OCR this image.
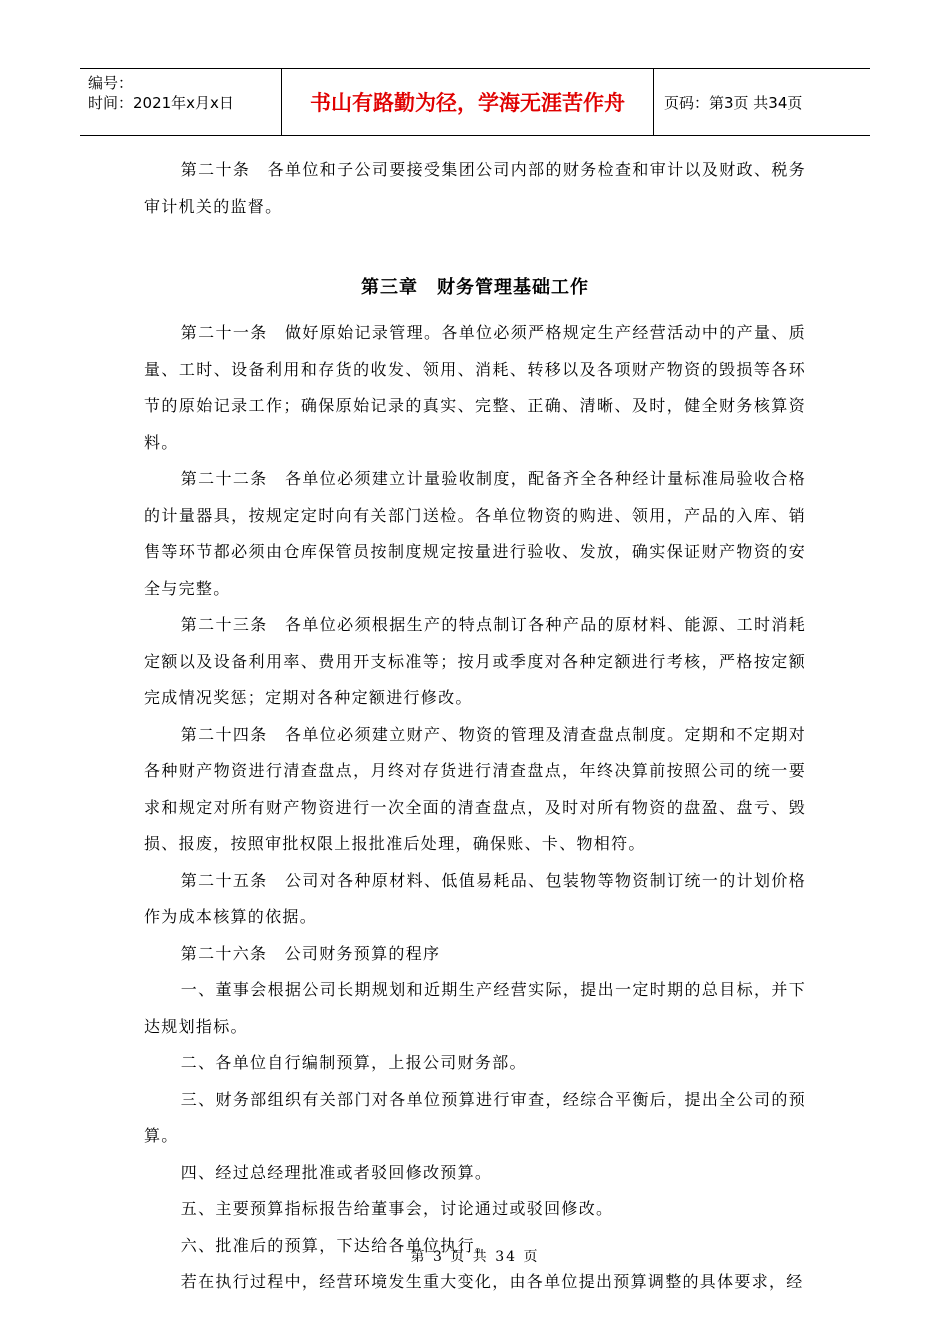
编号：
时间：2021年x月x日	书山有路勤为径，学海无涯苦作舟	页码：第3页 共34页

第二十条　各单位和子公司要接受集团公司内部的财务检查和审计以及财政、税务审计机关的监督。

第三章　财务管理基础工作

第二十一条　做好原始记录管理。各单位必须严格规定生产经营活动中的产量、质量、工时、设备利用和存货的收发、领用、消耗、转移以及各项财产物资的毁损等各环节的原始记录工作；确保原始记录的真实、完整、正确、清晰、及时，健全财务核算资料。

第二十二条　各单位必须建立计量验收制度，配备齐全各种经计量标准局验收合格的计量器具，按规定定时向有关部门送检。各单位物资的购进、领用，产品的入库、销售等环节都必须由仓库保管员按制度规定按量进行验收、发放，确实保证财产物资的安全与完整。

第二十三条　各单位必须根据生产的特点制订各种产品的原材料、能源、工时消耗定额以及设备利用率、费用开支标准等；按月或季度对各种定额进行考核，严格按定额完成情况奖惩；定期对各种定额进行修改。

第二十四条　各单位必须建立财产、物资的管理及清查盘点制度。定期和不定期对各种财产物资进行清查盘点，月终对存货进行清查盘点，年终决算前按照公司的统一要求和规定对所有财产物资进行一次全面的清查盘点，及时对所有物资的盘盈、盘亏、毁损、报废，按照审批权限上报批准后处理，确保账、卡、物相符。

第二十五条　公司对各种原材料、低值易耗品、包装物等物资制订统一的计划价格作为成本核算的依据。

第二十六条　公司财务预算的程序

一、董事会根据公司长期规划和近期生产经营实际，提出一定时期的总目标，并下达规划指标。

二、各单位自行编制预算，上报公司财务部。

三、财务部组织有关部门对各单位预算进行审查，经综合平衡后，提出全公司的预算。

四、经过总经理批准或者驳回修改预算。

五、主要预算指标报告给董事会，讨论通过或驳回修改。

六、批准后的预算，下达给各单位执行。

若在执行过程中，经营环境发生重大变化，由各单位提出预算调整的具体要求，经

第 3 页 共 34 页
